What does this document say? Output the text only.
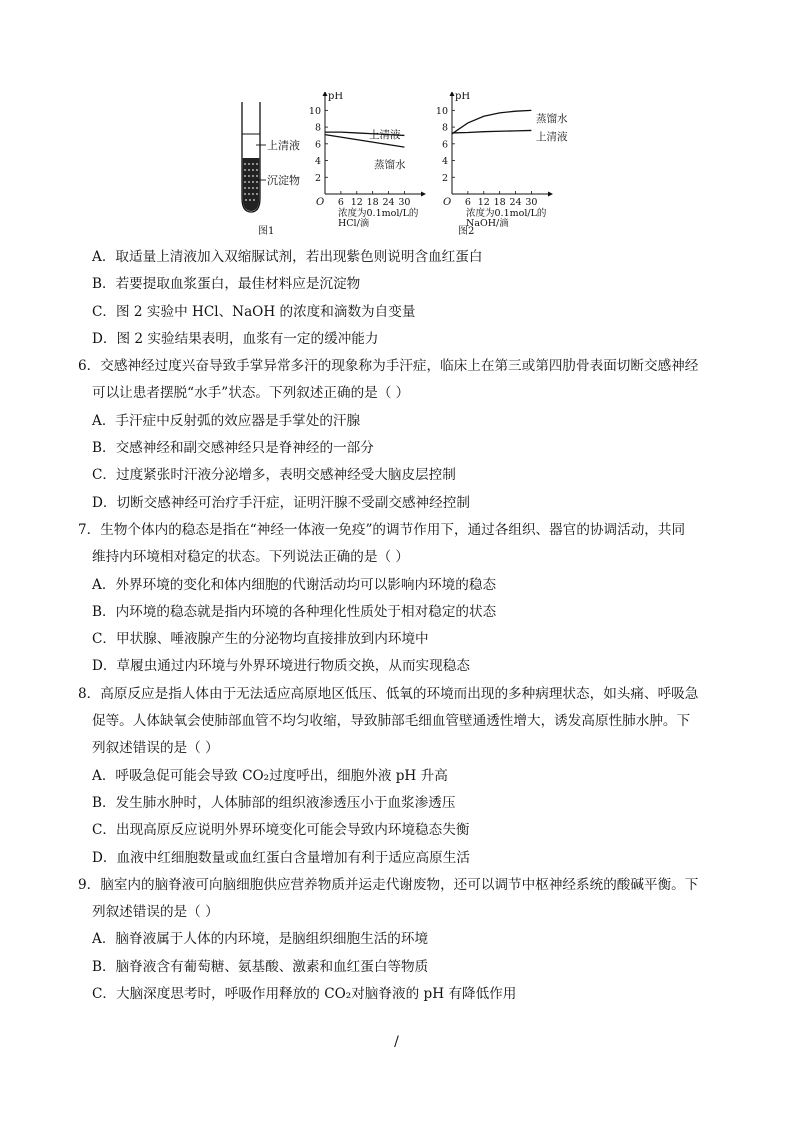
上清液
沉淀物
图1
pH
O
10
8
6
4
2
6 12 18 24 30
浓度为0.1mol/L的
HCl/滴
上清液
蒸馏水
pH
O
10
8
6
4
2
6 12 18 24 30
浓度为0.1mol/L的
NaOH/滴
蒸馏水
上清液
图2
A．取适量上清液加入双缩脲试剂，若出现紫色则说明含血红蛋白
B．若要提取血浆蛋白，最佳材料应是沉淀物
C．图 2 实验中 HCl、NaOH 的浓度和滴数为自变量
D．图 2 实验结果表明，血浆有一定的缓冲能力
6．交感神经过度兴奋导致手掌异常多汗的现象称为手汗症，临床上在第三或第四肋骨表面切断交感神经
可以让患者摆脱“水手”状态。下列叙述正确的是（ ）
A．手汗症中反射弧的效应器是手掌处的汗腺
B．交感神经和副交感神经只是脊神经的一部分
C．过度紧张时汗液分泌增多，表明交感神经受大脑皮层控制
D．切断交感神经可治疗手汗症，证明汗腺不受副交感神经控制
7．生物个体内的稳态是指在“神经一体液一免疫”的调节作用下，通过各组织、器官的协调活动，共同
维持内环境相对稳定的状态。下列说法正确的是（ ）
A．外界环境的变化和体内细胞的代谢活动均可以影响内环境的稳态
B．内环境的稳态就是指内环境的各种理化性质处于相对稳定的状态
C．甲状腺、唾液腺产生的分泌物均直接排放到内环境中
D．草履虫通过内环境与外界环境进行物质交换，从而实现稳态
8．高原反应是指人体由于无法适应高原地区低压、低氧的环境而出现的多种病理状态，如头痛、呼吸急
促等。人体缺氧会使肺部血管不均匀收缩，导致肺部毛细血管壁通透性增大，诱发高原性肺水肿。下
列叙述错误的是（ ）
A．呼吸急促可能会导致 CO₂过度呼出，细胞外液 pH 升高
B．发生肺水肿时，人体肺部的组织液渗透压小于血浆渗透压
C．出现高原反应说明外界环境变化可能会导致内环境稳态失衡
D．血液中红细胞数量或血红蛋白含量增加有利于适应高原生活
9．脑室内的脑脊液可向脑细胞供应营养物质并运走代谢废物，还可以调节中枢神经系统的酸碱平衡。下
列叙述错误的是（ ）
A．脑脊液属于人体的内环境，是脑组织细胞生活的环境
B．脑脊液含有葡萄糖、氨基酸、激素和血红蛋白等物质
C．大脑深度思考时，呼吸作用释放的 CO₂对脑脊液的 pH 有降低作用
/
